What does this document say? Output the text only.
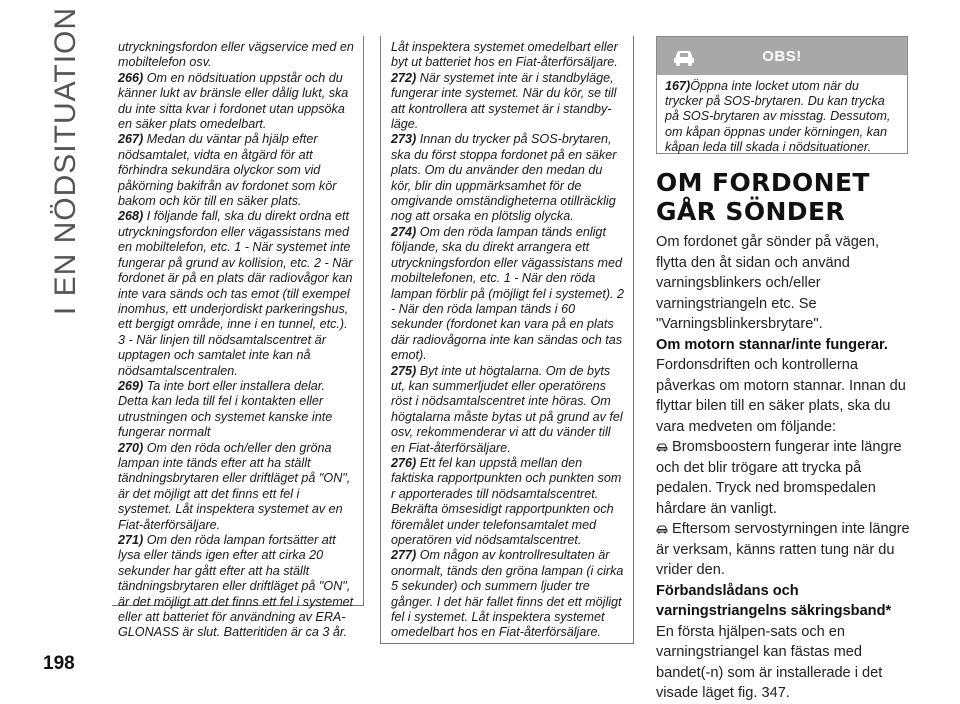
I EN NÖDSITUATION
198

utryckningsfordon eller vägservice med en mobiltelefon osv.

266) Om en nödsituation uppstår och du känner lukt av bränsle eller dålig lukt, ska du inte sitta kvar i fordonet utan uppsöka en säker plats omedelbart.

267) Medan du väntar på hjälp efter nödsamtalet, vidta en åtgärd för att förhindra sekundära olyckor som vid påkörning bakifrån av fordonet som kör bakom och kör till en säker plats.

268) I följande fall, ska du direkt ordna ett utryckningsfordon eller vägassistans med en mobiltelefon, etc. 1 - När systemet inte fungerar på grund av kollision, etc. 2 - När fordonet är på en plats där radiovågor kan inte vara sänds och tas emot (till exempel inomhus, ett underjordiskt parkeringshus, ett bergigt område, inne i en tunnel, etc.). 3 - När linjen till nödsamtalscentret är upptagen och samtalet inte kan nå nödsamtalscentralen.

269) Ta inte bort eller installera delar. Detta kan leda till fel i kontakten eller utrustningen och systemet kanske inte fungerar normalt

270) Om den röda och/eller den gröna lampan inte tänds efter att ha ställt tändningsbrytaren eller driftläget på "ON", är det möjligt att det finns ett fel i systemet. Låt inspektera systemet av en Fiat-återförsäljare.

271) Om den röda lampan fortsätter att lysa eller tänds igen efter att cirka 20 sekunder har gått efter att ha ställt tändningsbrytaren eller driftläget på "ON", är det möjligt att det finns ett fel i systemet eller att batteriet för användning av ERA-GLONASS är slut. Batteritiden är ca 3 år.

Låt inspektera systemet omedelbart eller byt ut batteriet hos en Fiat-återförsäljare.

272) När systemet inte är i standbyläge, fungerar inte systemet. När du kör, se till att kontrollera att systemet är i standby-läge.

273) Innan du trycker på SOS-brytaren, ska du först stoppa fordonet på en säker plats. Om du använder den medan du kör, blir din uppmärksamhet för de omgivande omständigheterna otillräcklig nog att orsaka en plötslig olycka.

274) Om den röda lampan tänds enligt följande, ska du direkt arrangera ett utryckningsfordon eller vägassistans med mobiltelefonen, etc. 1 - När den röda lampan förblir på (möjligt fel i systemet). 2 - När den röda lampan tänds i 60 sekunder (fordonet kan vara på en plats där radiovågorna inte kan sändas och tas emot).

275) Byt inte ut högtalarna. Om de byts ut, kan summerljudet eller operatörens röst i nödsamtalscentret inte höras. Om högtalarna måste bytas ut på grund av fel osv, rekommenderar vi att du vänder till en Fiat-återförsäljare.

276) Ett fel kan uppstå mellan den faktiska rapportpunkten och punkten som r apporterades till nödsamtalscentret. Bekräfta ömsesidigt rapportpunkten och föremålet under telefonsamtalet med operatören vid nödsamtalscentret.

277) Om någon av kontrollresultaten är onormalt, tänds den gröna lampan (i cirka 5 sekunder) och summern ljuder tre gånger. I det här fallet finns det ett möjligt fel i systemet. Låt inspektera systemet omedelbart hos en Fiat-återförsäljare.

OBS!
167)Öppna inte locket utom när du trycker på SOS-brytaren. Du kan trycka på SOS-brytaren av misstag. Dessutom, om kåpan öppnas under körningen, kan kåpan leda till skada i nödsituationer.
OM FORDONET GÅR SÖNDER

Om fordonet går sönder på vägen, flytta den åt sidan och använd varningsblinkers och/eller varningstriangeln etc. Se "Varningsblinkersbrytare".

Om motorn stannar/inte fungerar.

Fordonsdriften och kontrollerna påverkas om motorn stannar. Innan du flyttar bilen till en säker plats, ska du vara medveten om följande:

Bromsboostern fungerar inte längre och det blir trögare att trycka på pedalen. Tryck ned bromspedalen hårdare än vanligt.

Eftersom servostyrningen inte längre är verksam, känns ratten tung när du vrider den.

Förbandslådans och varningstriangelns säkringsband*

En första hjälpen-sats och en varningstriangel kan fästas med bandet(-n) som är installerade i det visade läget fig. 347.
